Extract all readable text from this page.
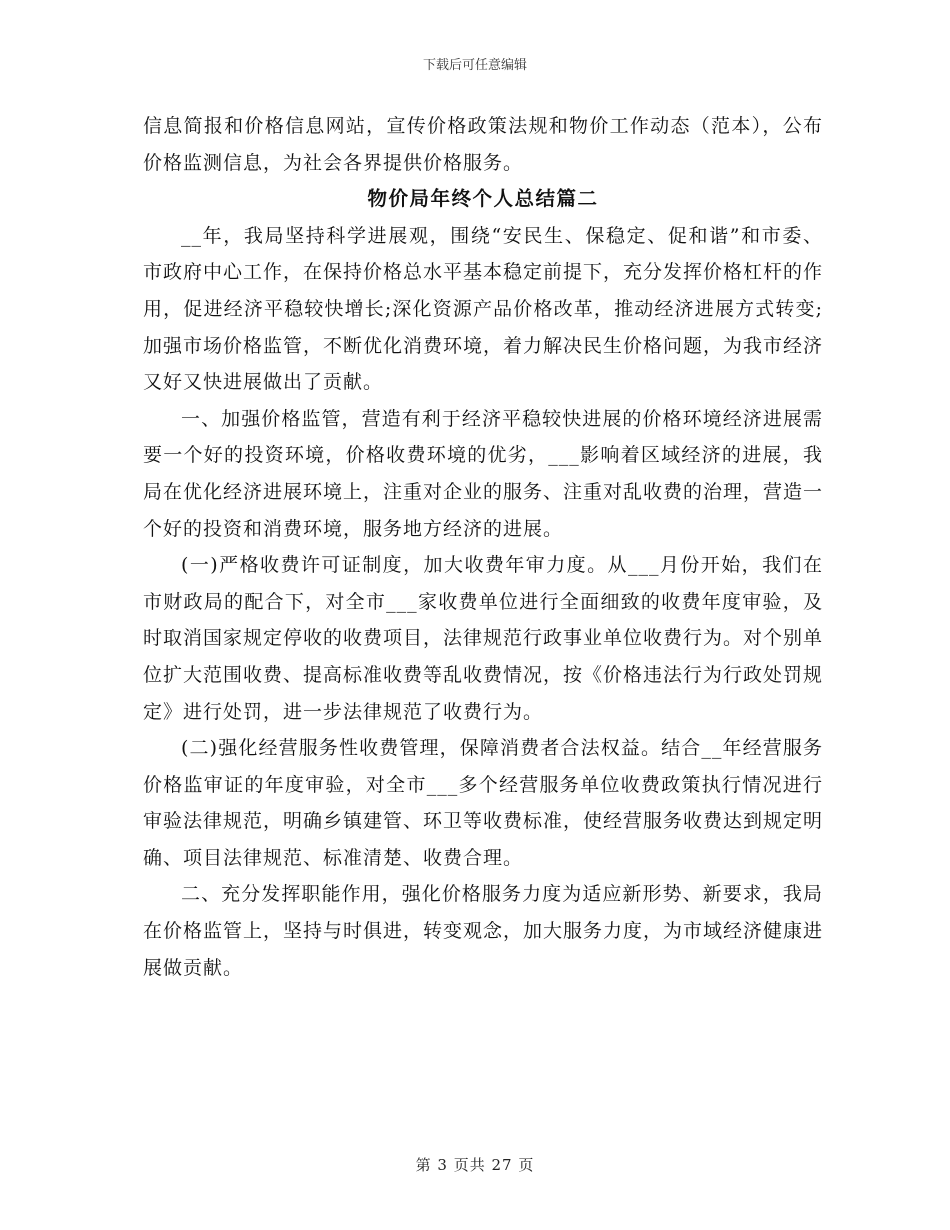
下载后可任意编辑

信息简报和价格信息网站，宣传价格政策法规和物价工作动态（范本），公布价格监测信息，为社会各界提供价格服务。

物价局年终个人总结篇二

__年，我局坚持科学进展观，围绕“安民生、保稳定、促和谐”和市委、市政府中心工作，在保持价格总水平基本稳定前提下，充分发挥价格杠杆的作用，促进经济平稳较快增长;深化资源产品价格改革，推动经济进展方式转变;加强市场价格监管，不断优化消费环境，着力解决民生价格问题，为我市经济又好又快进展做出了贡献。

一、加强价格监管，营造有利于经济平稳较快进展的价格环境经济进展需要一个好的投资环境，价格收费环境的优劣，___影响着区域经济的进展，我局在优化经济进展环境上，注重对企业的服务、注重对乱收费的治理，营造一个好的投资和消费环境，服务地方经济的进展。

(一)严格收费许可证制度，加大收费年审力度。从___月份开始，我们在市财政局的配合下，对全市___家收费单位进行全面细致的收费年度审验，及时取消国家规定停收的收费项目，法律规范行政事业单位收费行为。对个别单位扩大范围收费、提高标准收费等乱收费情况，按《价格违法行为行政处罚规定》进行处罚，进一步法律规范了收费行为。

(二)强化经营服务性收费管理，保障消费者合法权益。结合__年经营服务价格监审证的年度审验，对全市___多个经营服务单位收费政策执行情况进行审验法律规范，明确乡镇建管、环卫等收费标准，使经营服务收费达到规定明确、项目法律规范、标准清楚、收费合理。

二、充分发挥职能作用，强化价格服务力度为适应新形势、新要求，我局在价格监管上，坚持与时俱进，转变观念，加大服务力度，为市域经济健康进展做贡献。

第 3 页共 27 页
